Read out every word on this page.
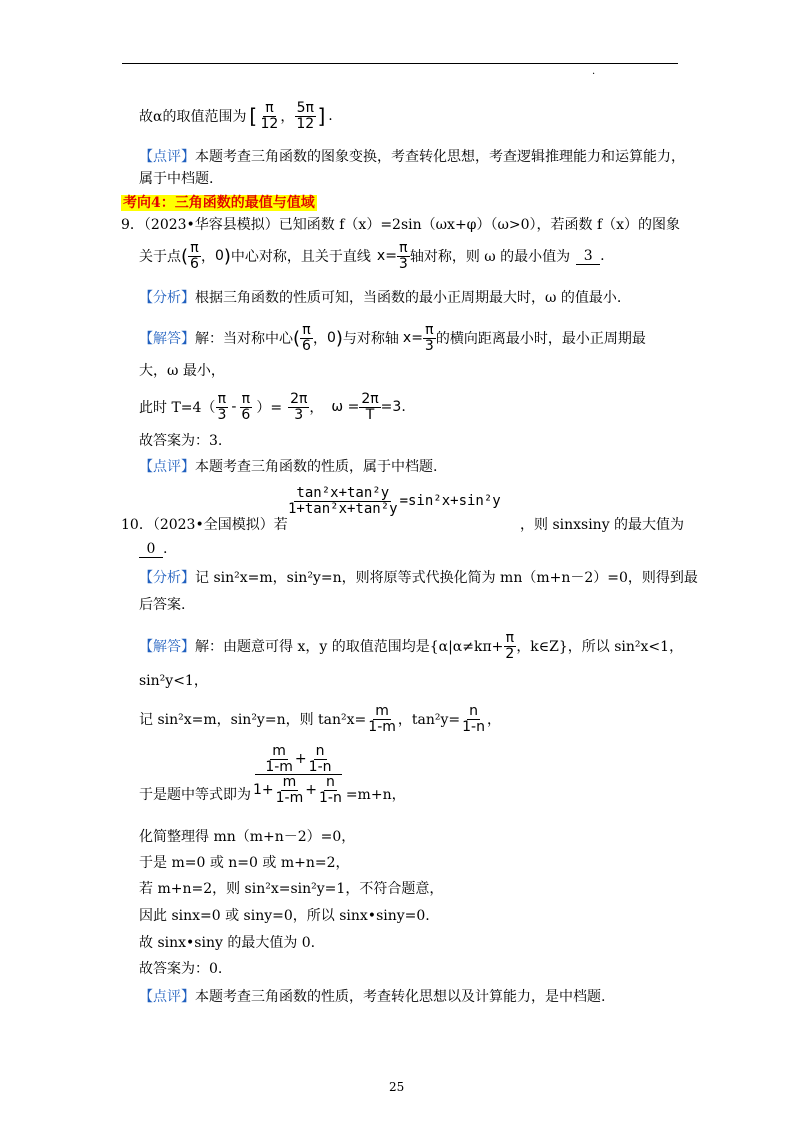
.
故α的取值范围为 [ $\frac{\pi}{12}$ ， $\frac{5\pi}{12}$ ] .
【点评】本题考查三角函数的图象变换，考查转化思想，考查逻辑推理能力和运算能力，
属于中档题.
考向4：三角函数的最值与值域
9．（2023•华容县模拟）已知函数 f（x）=2sin（ωx+φ）（ω>0），若函数 f（x）的图象
关于点 ( $\frac{\pi}{6}$ ， 0 ) 中心对称，且关于直线 $x= \frac{\pi}{3}$ 轴对称，则 ω 的最小值为 3 .
【分析】根据三角函数的性质可知，当函数的最小正周期最大时，ω 的值最小.
【解答】 解：当对称中心 ( $\frac{\pi}{6}$ ， 0 ) 与对称轴 $x= \frac{\pi}{3}$ 的横向距离最小时，最小正周期最
大，ω 最小，
此时 $T=4( \frac{\pi}{3} - \frac{\pi}{6}$ ）= $\frac{2\pi}{3}$ ， $\omega = \frac{2\pi}{T} =3$ .
故答案为：3.
【点评】本题考查三角函数的性质，属于中档题.
$\frac{\text{tan²x+tan²y}}{\text{1+tan²x+tan²y}} =\sin^2x+\sin^2y$
10．（2023•全国模拟）若	，则 sinxsiny 的最大值为
0 .
【分析】记 sin²x=m，sin²y=n，则将原等式代换化简为 mn（m+n－2）=0，则得到最
后答案.
【解答】 解：由题意可得 x，y 的取值范围均是{$\alpha|\alpha\ne k\pi+ \frac{\pi}{2}$ ，k∈Z}，所以 sin²x<1，
sin²y<1，
记 sin²x=m，sin²y=n，则 $\tan^2x= \frac{m}{1-m}$ ，$\tan^2y= \frac{n}{1-n}$ ，
于是题中等式即为 $\frac{\frac{m}{1-m} + \frac{n}{1-n}}{1+ \frac{m}{1-m} + \frac{n}{1-n}} =m+n$，
化简整理得 mn（m+n－2）=0，
于是 m=0 或 n=0 或 m+n=2，
若 m+n=2，则 sin²x=sin²y=1，不符合题意，
因此 sinx=0 或 siny=0，所以 sinx•siny=0.
故 sinx•siny 的最大值为 0.
故答案为：0.
【点评】本题考查三角函数的性质，考查转化思想以及计算能力，是中档题.
25
